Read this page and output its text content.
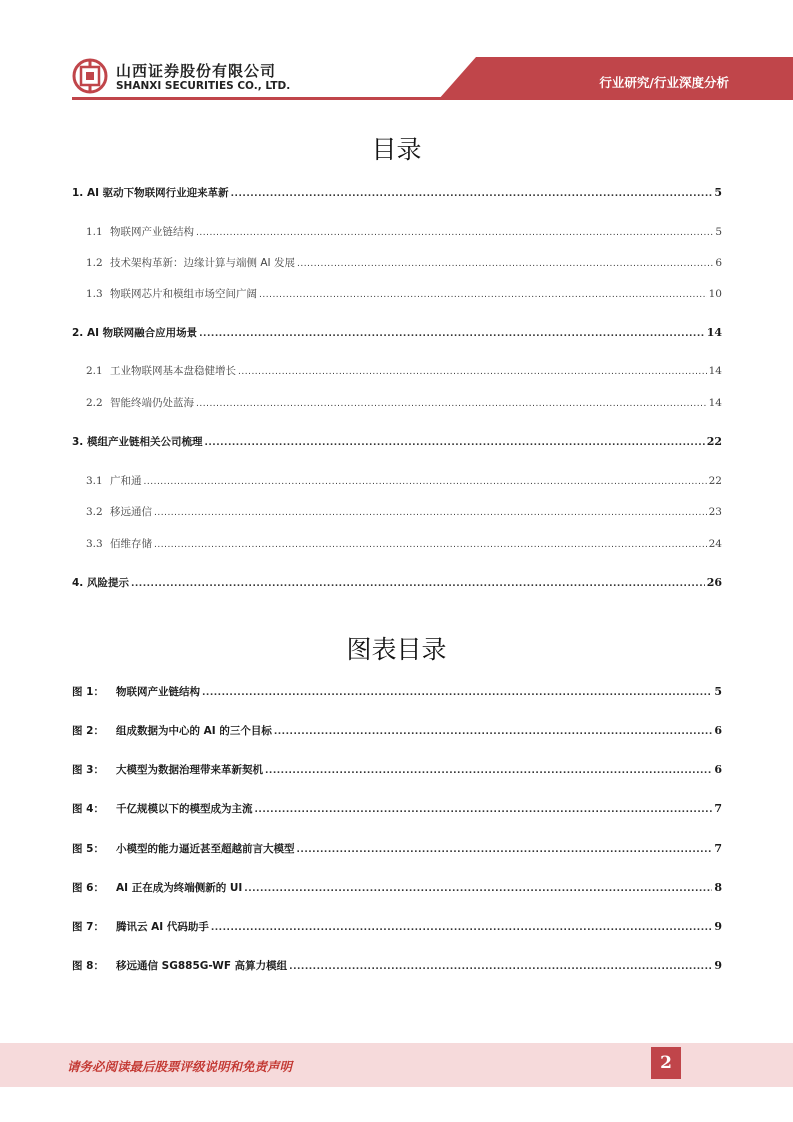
山西证券股份有限公司
SHANXI SECURITIES CO., LTD.	行业研究/行业深度分析
目录
1. AI 驱动下物联网行业迎来革新 .....	5
1.1 物联网产业链结构 .....	5
1.2 技术架构革新：边缘计算与端侧 AI 发展 .....	6
1.3 物联网芯片和模组市场空间广阔 .....	10
2. AI 物联网融合应用场景 .....	14
2.1 工业物联网基本盘稳健增长 .....	14
2.2 智能终端仍处蓝海 .....	14
3. 模组产业链相关公司梳理 .....	22
3.1 广和通 .....	22
3.2 移远通信 .....	23
3.3 佰维存储 .....	24
4. 风险提示 .....	26
图表目录
图 1： 物联网产业链结构 .....	5
图 2： 组成数据为中心的 AI 的三个目标 .....	6
图 3： 大模型为数据治理带来革新契机 .....	6
图 4： 千亿规模以下的模型成为主流 .....	7
图 5： 小模型的能力逼近甚至超越前言大模型 .....	7
图 6： AI 正在成为终端侧新的 UI .....	8
图 7： 腾讯云 AI 代码助手 .....	9
图 8： 移远通信 SG885G-WF 高算力模组 .....	9
请务必阅读最后股票评级说明和免责声明	2
